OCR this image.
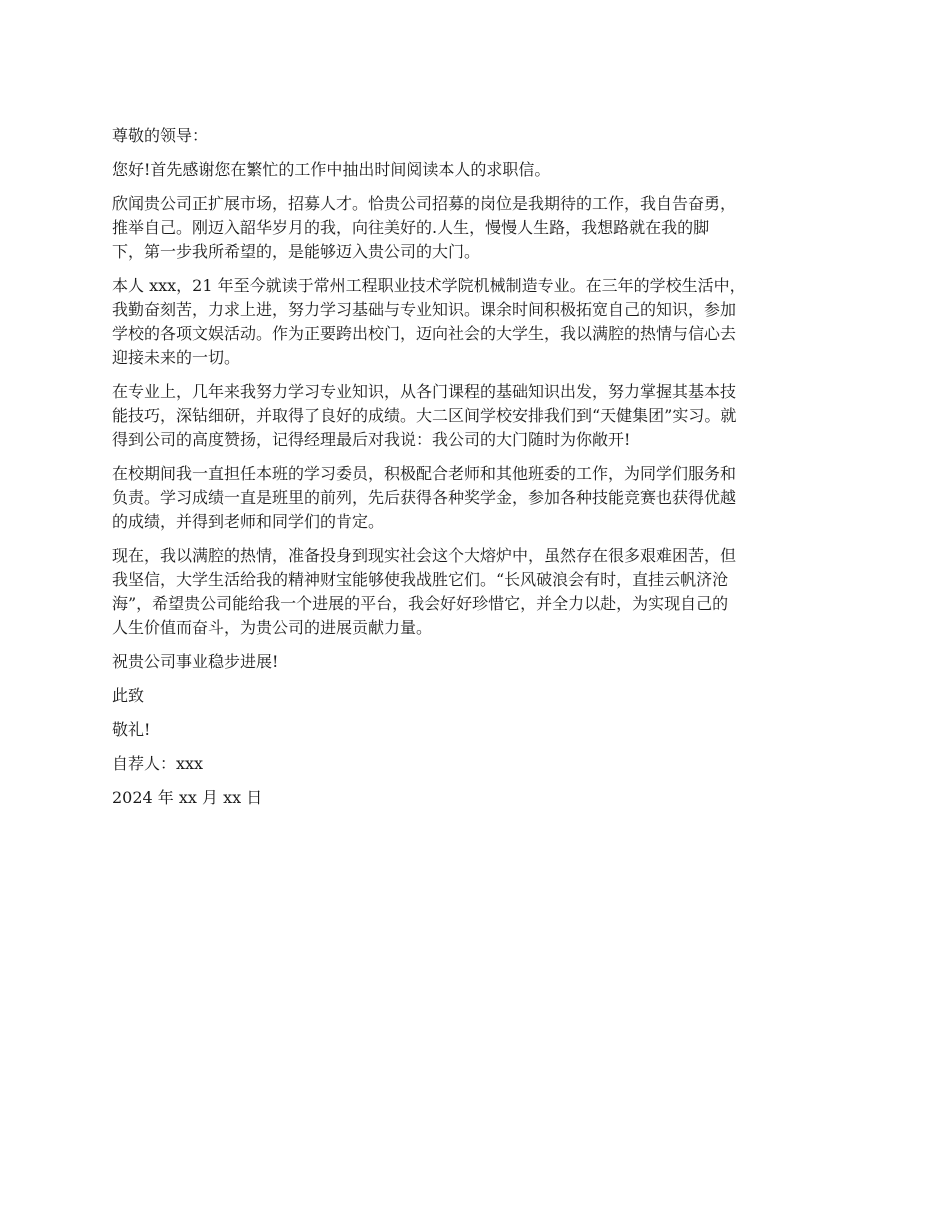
尊敬的领导：

您好!首先感谢您在繁忙的工作中抽出时间阅读本人的求职信。

欣闻贵公司正扩展市场，招募人才。恰贵公司招募的岗位是我期待的工作，我自告奋勇，
推举自己。刚迈入韶华岁月的我，向往美好的.人生，慢慢人生路，我想路就在我的脚
下，第一步我所希望的，是能够迈入贵公司的大门。

本人 xxx，21 年至今就读于常州工程职业技术学院机械制造专业。在三年的学校生活中，
我勤奋刻苦，力求上进，努力学习基础与专业知识。课余时间积极拓宽自己的知识，参加
学校的各项文娱活动。作为正要跨出校门，迈向社会的大学生，我以满腔的热情与信心去
迎接未来的一切。

在专业上，几年来我努力学习专业知识，从各门课程的基础知识出发，努力掌握其基本技
能技巧，深钻细研，并取得了良好的成绩。大二区间学校安排我们到“天健集团”实习。就
得到公司的高度赞扬，记得经理最后对我说：我公司的大门随时为你敞开!

在校期间我一直担任本班的学习委员，积极配合老师和其他班委的工作，为同学们服务和
负责。学习成绩一直是班里的前列，先后获得各种奖学金，参加各种技能竞赛也获得优越
的成绩，并得到老师和同学们的肯定。

现在，我以满腔的热情，准备投身到现实社会这个大熔炉中，虽然存在很多艰难困苦，但
我坚信，大学生活给我的精神财宝能够使我战胜它们。“长风破浪会有时，直挂云帆济沧
海”，希望贵公司能给我一个进展的平台，我会好好珍惜它，并全力以赴，为实现自己的
人生价值而奋斗，为贵公司的进展贡献力量。

祝贵公司事业稳步进展!

此致

敬礼!

自荐人：xxx

2024 年 xx 月 xx 日
